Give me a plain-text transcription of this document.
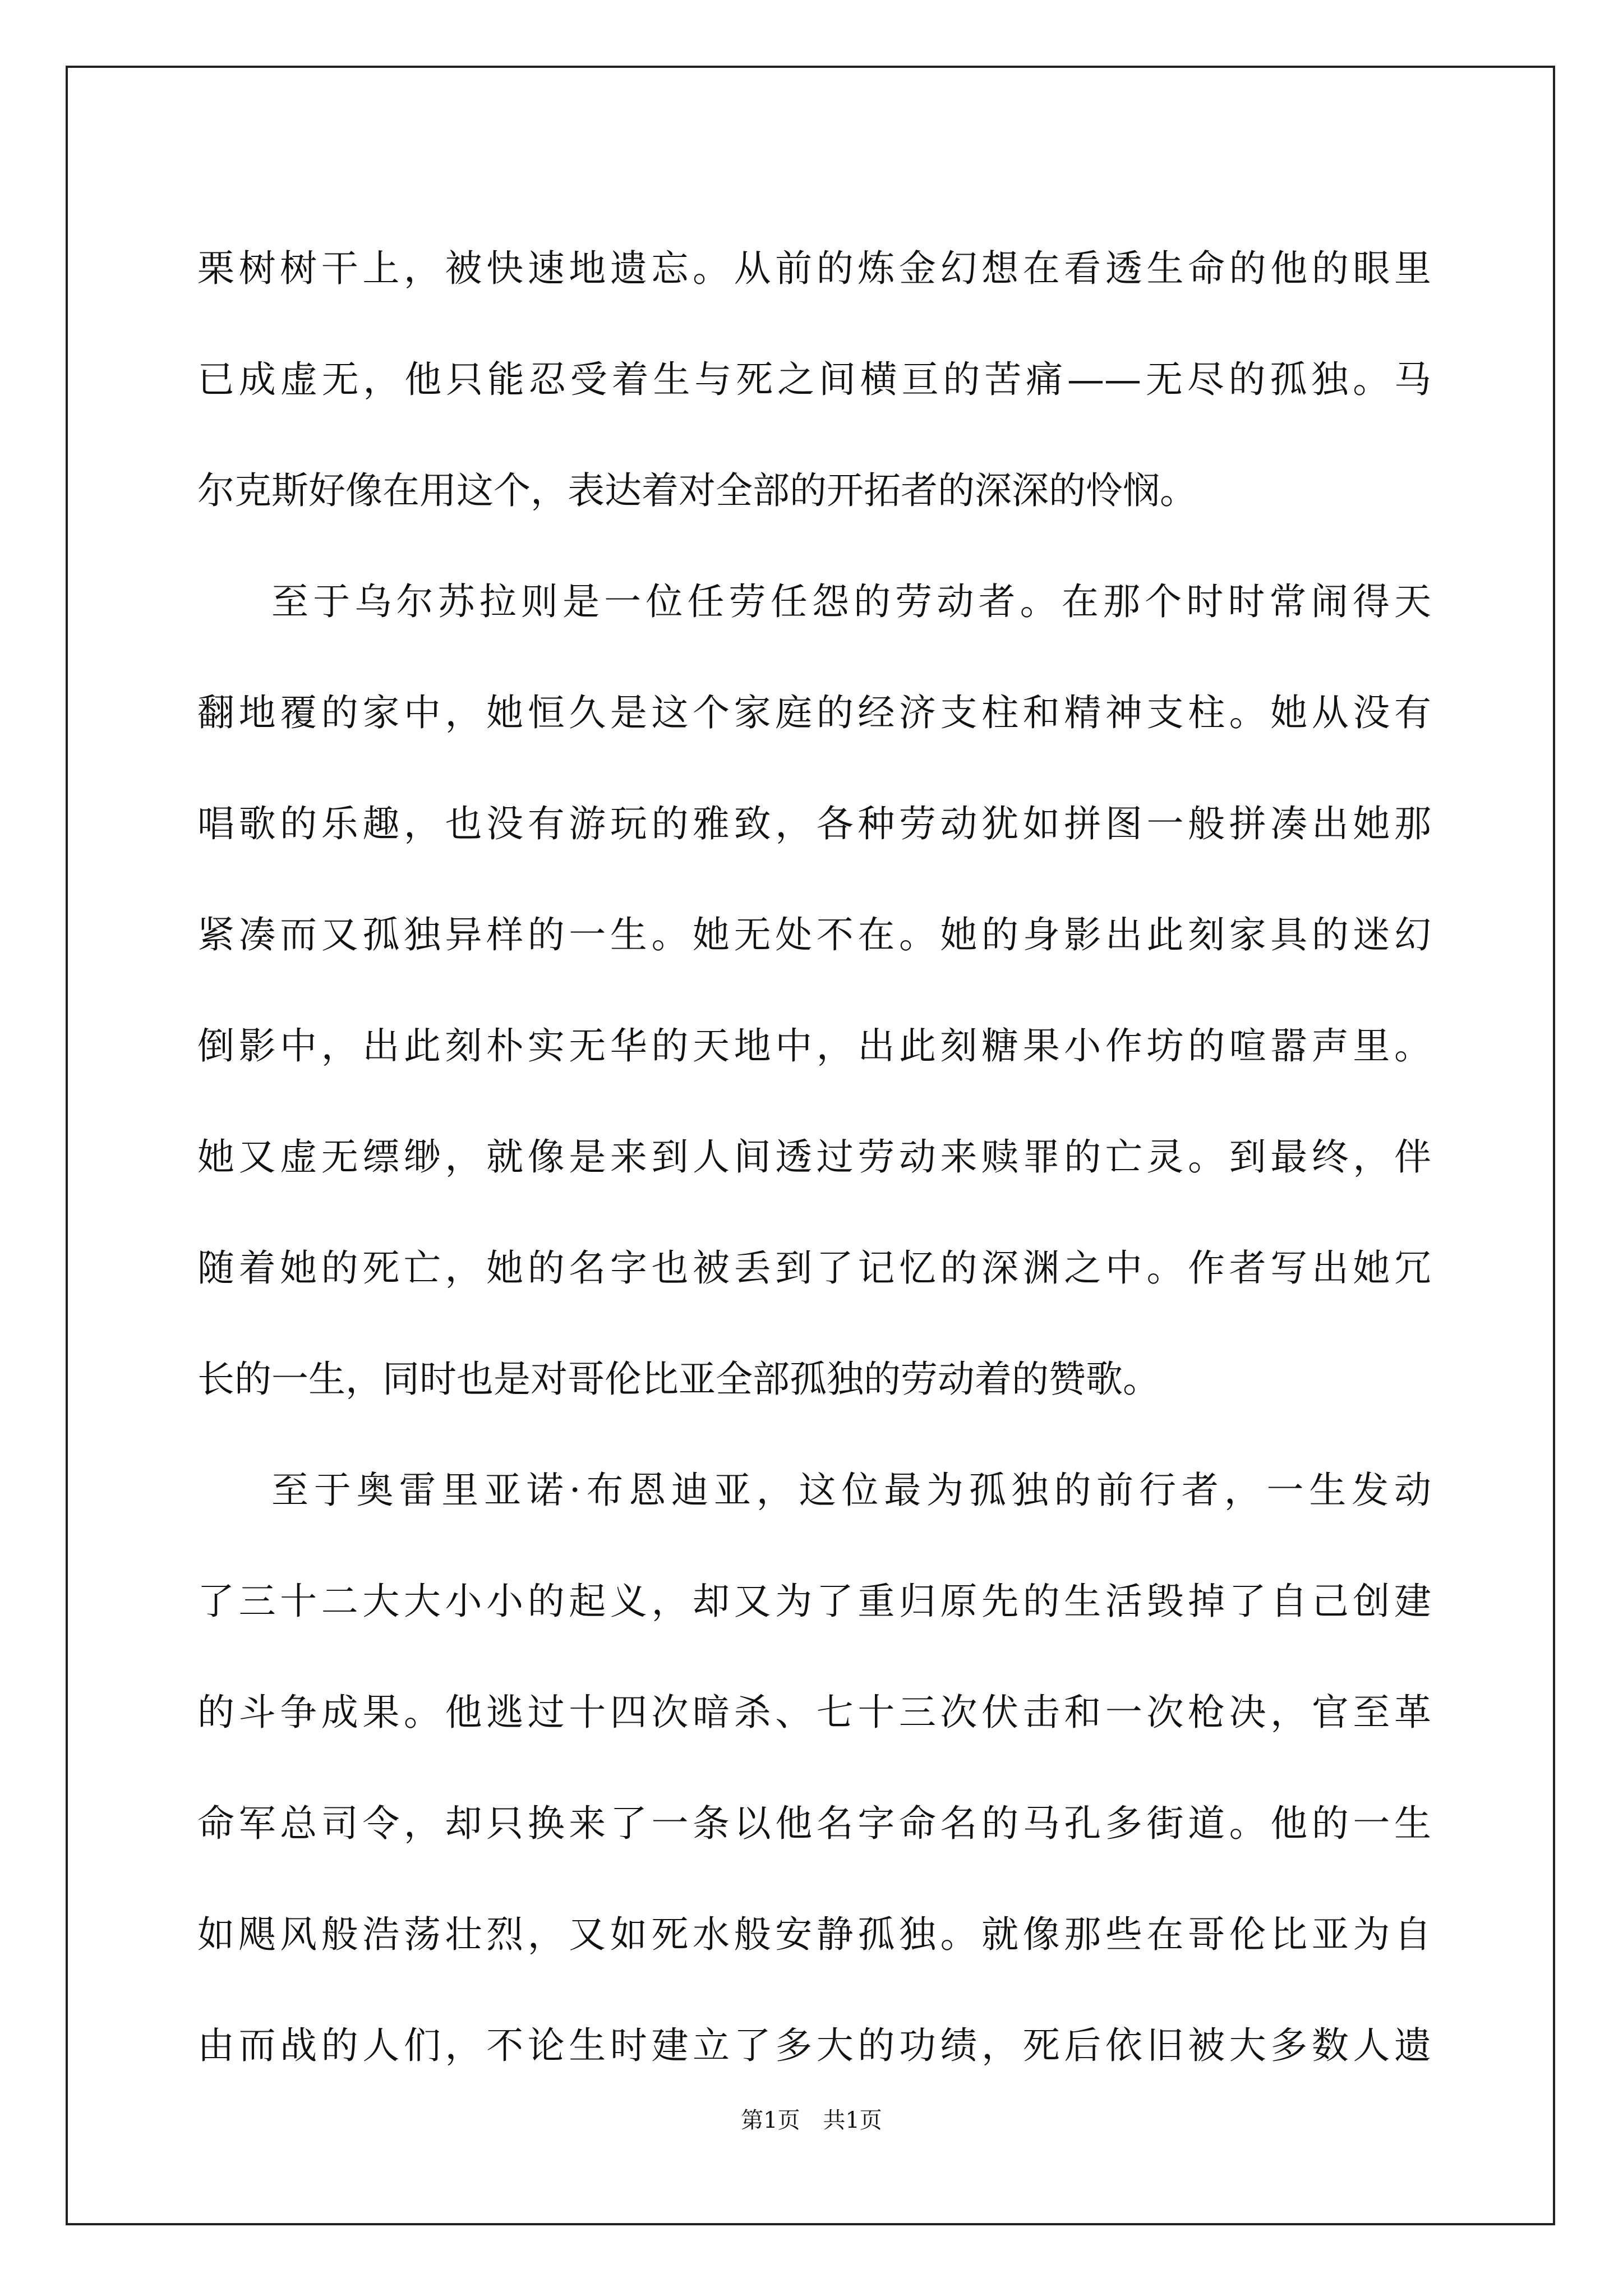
栗树树干上，被快速地遗忘。从前的炼金幻想在看透生命的他的眼里
已成虚无，他只能忍受着生与死之间横亘的苦痛——无尽的孤独。马
尔克斯好像在用这个，表达着对全部的开拓者的深深的怜悯。
至于乌尔苏拉则是一位任劳任怨的劳动者。在那个时时常闹得天
翻地覆的家中，她恒久是这个家庭的经济支柱和精神支柱。她从没有
唱歌的乐趣，也没有游玩的雅致，各种劳动犹如拼图一般拼凑出她那
紧凑而又孤独异样的一生。她无处不在。她的身影出此刻家具的迷幻
倒影中，出此刻朴实无华的天地中，出此刻糖果小作坊的喧嚣声里。
她又虚无缥缈，就像是来到人间透过劳动来赎罪的亡灵。到最终，伴
随着她的死亡，她的名字也被丢到了记忆的深渊之中。作者写出她冗
长的一生，同时也是对哥伦比亚全部孤独的劳动着的赞歌。
至于奥雷里亚诺·布恩迪亚，这位最为孤独的前行者，一生发动
了三十二大大小小的起义，却又为了重归原先的生活毁掉了自己创建
的斗争成果。他逃过十四次暗杀、七十三次伏击和一次枪决，官至革
命军总司令，却只换来了一条以他名字命名的马孔多街道。他的一生
如飓风般浩荡壮烈，又如死水般安静孤独。就像那些在哥伦比亚为自
由而战的人们，不论生时建立了多大的功绩，死后依旧被大多数人遗
第1页 共1页
